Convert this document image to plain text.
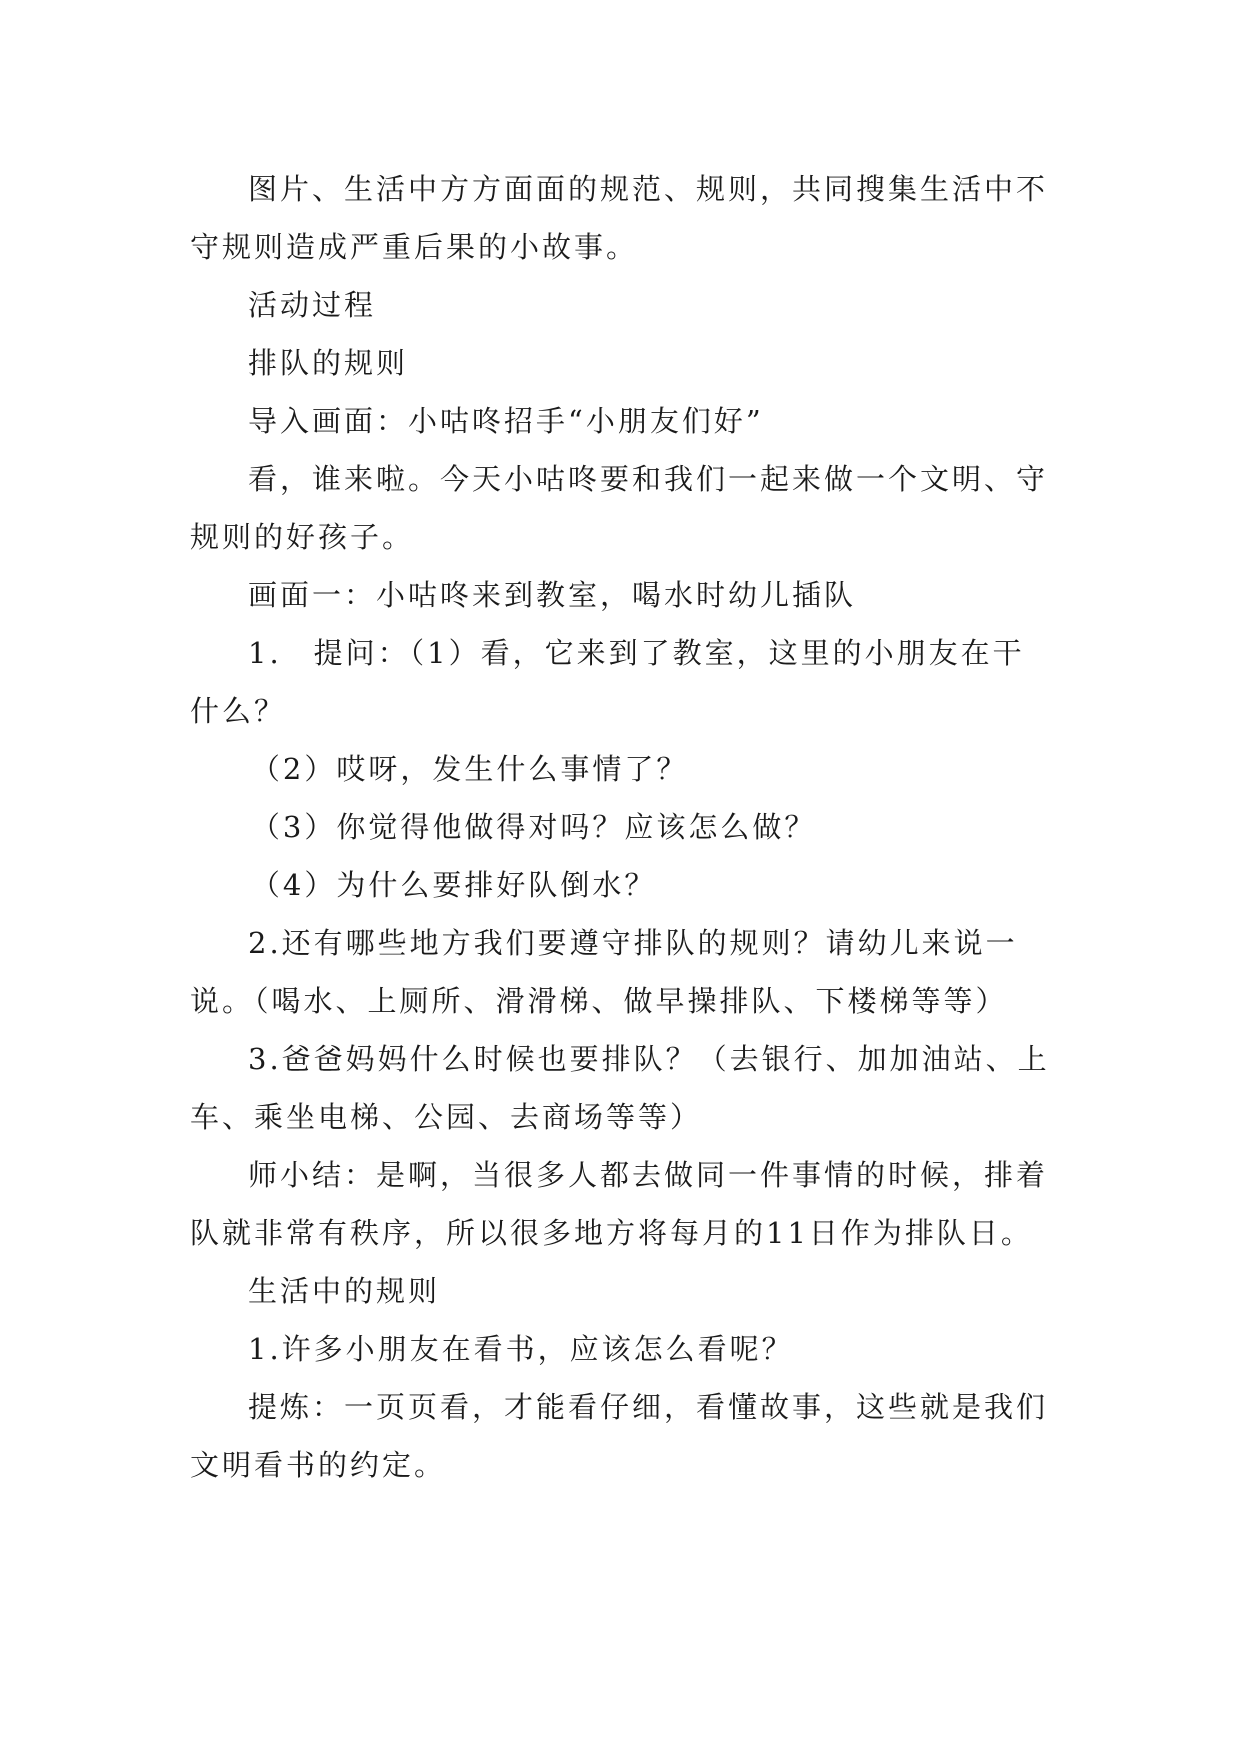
图片、生活中方方面面的规范、规则，共同搜集生活中不守规则造成严重后果的小故事。

活动过程

排队的规则

导入画面：小咕咚招手“小朋友们好”

看，谁来啦。今天小咕咚要和我们一起来做一个文明、守规则的好孩子。

画面一：小咕咚来到教室，喝水时幼儿插队

1.　提问：（1）看，它来到了教室，这里的小朋友在干什么？

（2）哎呀，发生什么事情了？

（3）你觉得他做得对吗？应该怎么做？

（4）为什么要排好队倒水？

2.还有哪些地方我们要遵守排队的规则？请幼儿来说一说。（喝水、上厕所、滑滑梯、做早操排队、下楼梯等等）

3.爸爸妈妈什么时候也要排队？（去银行、加加油站、上车、乘坐电梯、公园、去商场等等）

师小结：是啊，当很多人都去做同一件事情的时候，排着队就非常有秩序，所以很多地方将每月的11日作为排队日。

生活中的规则

1.许多小朋友在看书，应该怎么看呢？

提炼：一页页看，才能看仔细，看懂故事，这些就是我们文明看书的约定。
